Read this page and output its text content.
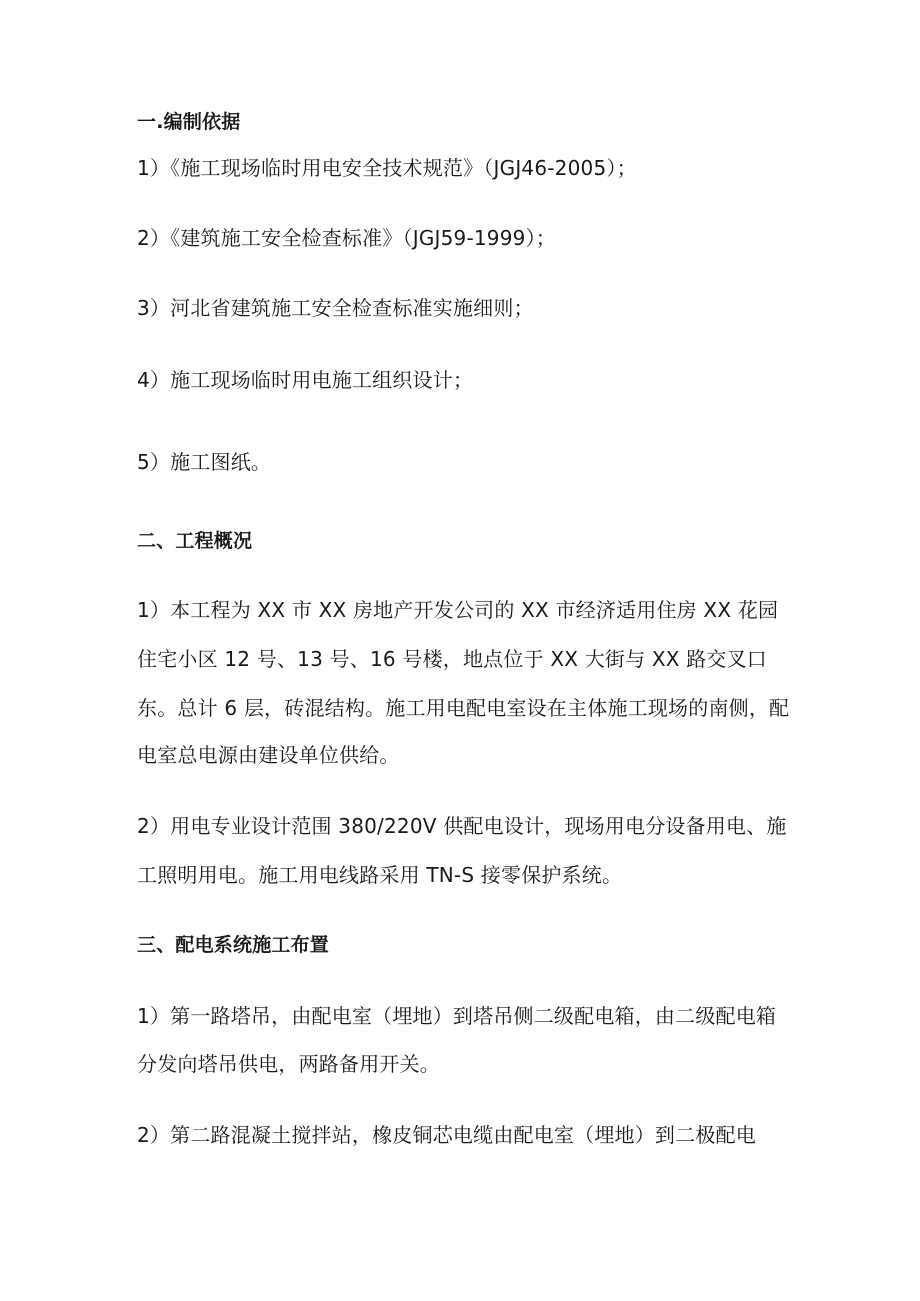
一.编制依据
1）《施工现场临时用电安全技术规范》（JGJ46-2005）；
2）《建筑施工安全检查标准》（JGJ59-1999）；
3）河北省建筑施工安全检查标准实施细则；
4）施工现场临时用电施工组织设计；
5）施工图纸。
二、工程概况
1）本工程为 XX 市 XX 房地产开发公司的 XX 市经济适用住房 XX 花园
住宅小区 12 号、13 号、16 号楼，地点位于 XX 大街与 XX 路交叉口
东。总计 6 层，砖混结构。施工用电配电室设在主体施工现场的南侧，配
电室总电源由建设单位供给。
2）用电专业设计范围 380/220V 供配电设计，现场用电分设备用电、施
工照明用电。施工用电线路采用 TN-S 接零保护系统。
三、配电系统施工布置
1）第一路塔吊，由配电室（埋地）到塔吊侧二级配电箱，由二级配电箱
分发向塔吊供电，两路备用开关。
2）第二路混凝土搅拌站，橡皮铜芯电缆由配电室（埋地）到二极配电
